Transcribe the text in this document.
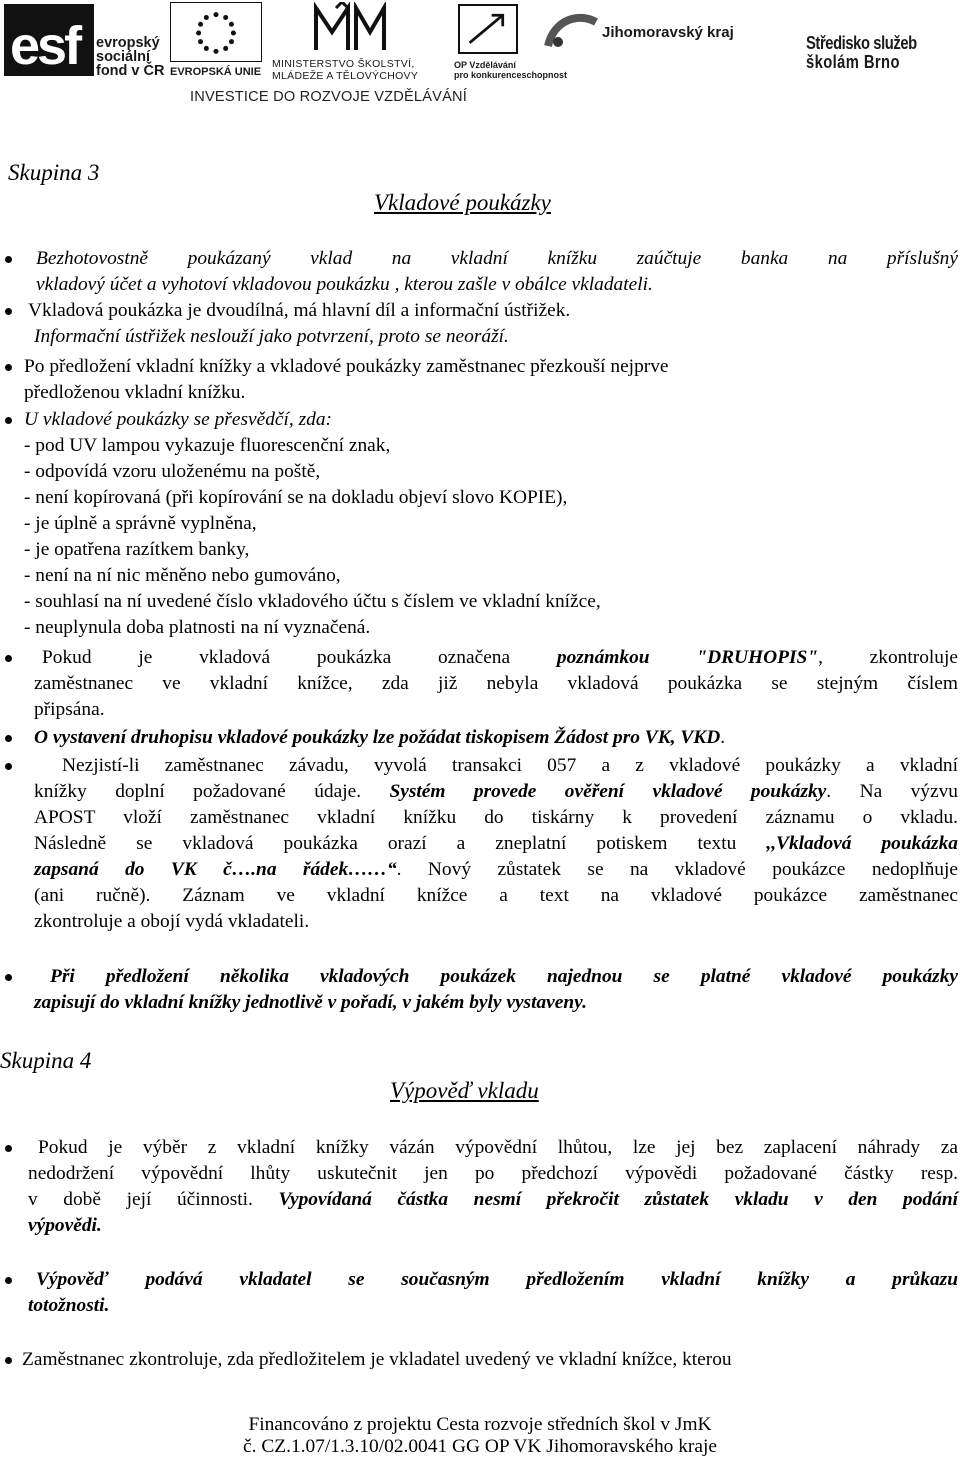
esf evropský
sociální
fond v ČR EVROPSKÁ UNIE
MINISTERSTVO ŠKOLSTVÍ,
MLÁDEŽE A TĚLOVÝCHOVY
OP Vzdělávání
pro konkurenceschopnost
Jihomoravský kraj
Středisko služeb
školám Brno
INVESTICE DO ROZVOJE VZDĚLÁVÁNÍ
Skupina 3
Vkladové poukázky
Bezhotovostně poukázaný vklad na vkladní knížku zaúčtuje banka na příslušný
vkladový účet a vyhotoví vkladovou poukázku , kterou zašle v obálce vkladateli.
Vkladová poukázka je dvoudílná, má hlavní díl a informační ústřižek.
Informační ústřižek neslouží jako potvrzení, proto se neoráží.
Po předložení vkladní knížky a vkladové poukázky zaměstnanec přezkouší nejprve
předloženou vkladní knížku.
U vkladové poukázky se přesvědčí, zda:
- pod UV lampou vykazuje fluorescenční znak,
- odpovídá vzoru uloženému na poště,
- není kopírovaná (při kopírování se na dokladu objeví slovo KOPIE),
- je úplně a správně vyplněna,
- je opatřena razítkem banky,
- není na ní nic měněno nebo gumováno,
- souhlasí na ní uvedené číslo vkladového účtu s číslem ve vkladní knížce,
- neuplynula doba platnosti na ní vyznačená.
Pokud je vkladová poukázka označena poznámkou "DRUHOPIS", zkontroluje
zaměstnanec ve vkladní knížce, zda již nebyla vkladová poukázka se stejným číslem
připsána.
O vystavení druhopisu vkladové poukázky lze požádat tiskopisem Žádost pro VK, VKD.
Nezjistí-li zaměstnanec závadu, vyvolá transakci 057 a z vkladové poukázky a vkladní
knížky doplní požadované údaje. Systém provede ověření vkladové poukázky. Na výzvu
APOST vloží zaměstnanec vkladní knížku do tiskárny k provedení záznamu o vkladu.
Následně se vkladová poukázka orazí a zneplatní potiskem textu ,,Vkladová poukázka
zapsaná do VK č….na řádek……“. Nový zůstatek se na vkladové poukázce nedoplňuje
(ani ručně). Záznam ve vkladní knížce a text na vkladové poukázce zaměstnanec
zkontroluje a obojí vydá vkladateli.
Při předložení několika vkladových poukázek najednou se platné vkladové poukázky
zapisují do vkladní knížky jednotlivě v pořadí, v jakém byly vystaveny.
Skupina 4
Výpověď vkladu
Pokud je výběr z vkladní knížky vázán výpovědní lhůtou, lze jej bez zaplacení náhrady za
nedodržení výpovědní lhůty uskutečnit jen po předchozí výpovědi požadované částky resp.
v době její účinnosti. Vypovídaná částka nesmí překročit zůstatek vkladu v den podání
výpovědi.
Výpověď podává vkladatel se současným předložením vkladní knížky a průkazu
totožnosti.
Zaměstnanec zkontroluje, zda předložitelem je vkladatel uvedený ve vkladní knížce, kterou
Financováno z projektu Cesta rozvoje středních škol v JmK
č. CZ.1.07/1.3.10/02.0041 GG OP VK Jihomoravského kraje
